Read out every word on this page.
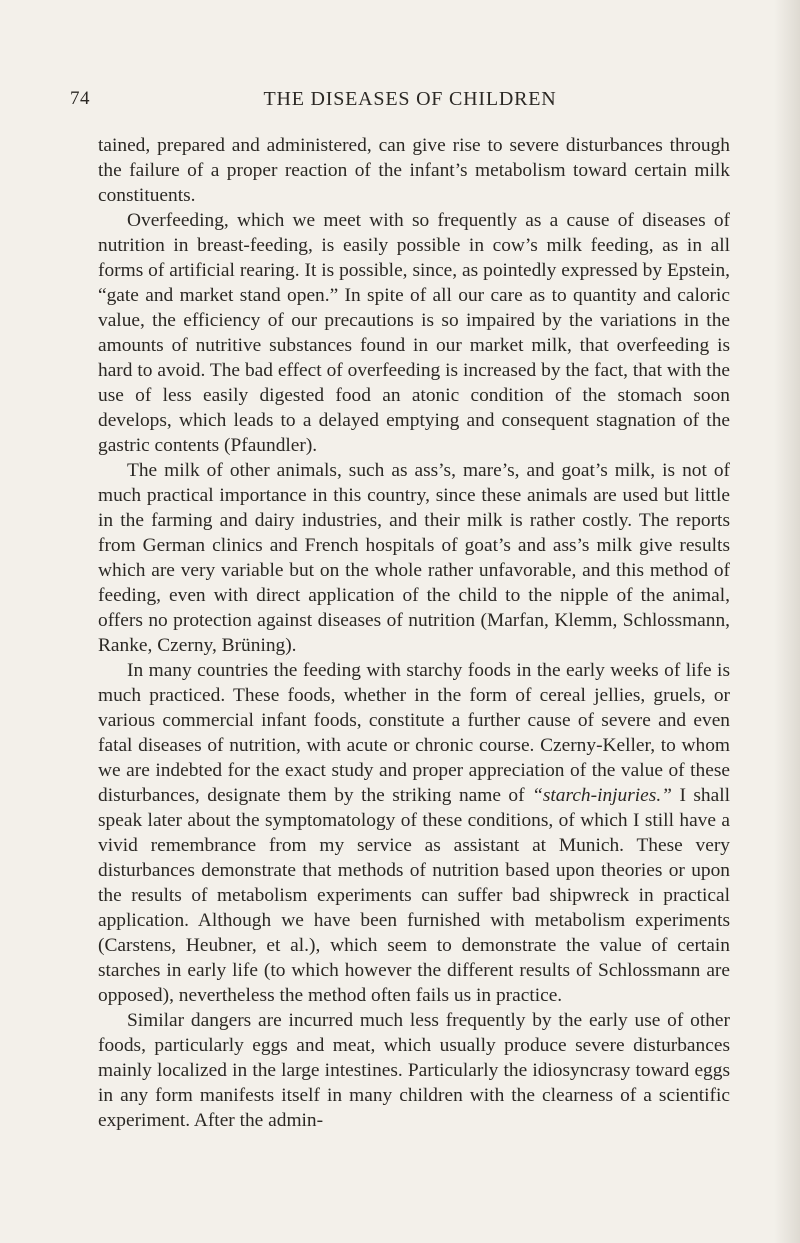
74	THE DISEASES OF CHILDREN

tained, prepared and administered, can give rise to severe disturbances through the failure of a proper reaction of the infant’s metabolism toward certain milk constituents.

Overfeeding, which we meet with so frequently as a cause of diseases of nutrition in breast-feeding, is easily possible in cow’s milk feeding, as in all forms of artificial rearing. It is possible, since, as pointedly expressed by Epstein, “gate and market stand open.” In spite of all our care as to quantity and caloric value, the efficiency of our precautions is so impaired by the variations in the amounts of nutritive substances found in our market milk, that overfeeding is hard to avoid. The bad effect of overfeeding is increased by the fact, that with the use of less easily digested food an atonic condition of the stomach soon develops, which leads to a delayed emptying and consequent stagnation of the gastric contents (Pfaundler).

The milk of other animals, such as ass’s, mare’s, and goat’s milk, is not of much practical importance in this country, since these animals are used but little in the farming and dairy industries, and their milk is rather costly. The reports from German clinics and French hospitals of goat’s and ass’s milk give results which are very variable but on the whole rather unfavorable, and this method of feeding, even with direct application of the child to the nipple of the animal, offers no protection against diseases of nutrition (Marfan, Klemm, Schlossmann, Ranke, Czerny, Brüning).

In many countries the feeding with starchy foods in the early weeks of life is much practiced. These foods, whether in the form of cereal jellies, gruels, or various commercial infant foods, constitute a further cause of severe and even fatal diseases of nutrition, with acute or chronic course. Czerny-Keller, to whom we are indebted for the exact study and proper appreciation of the value of these disturbances, designate them by the striking name of “starch-injuries.” I shall speak later about the symptomatology of these conditions, of which I still have a vivid remembrance from my service as assistant at Munich. These very disturbances demonstrate that methods of nutrition based upon theories or upon the results of metabolism experiments can suffer bad shipwreck in practical application. Although we have been furnished with metabolism experiments (Carstens, Heubner, et al.), which seem to demonstrate the value of certain starches in early life (to which however the different results of Schlossmann are opposed), nevertheless the method often fails us in practice.

Similar dangers are incurred much less frequently by the early use of other foods, particularly eggs and meat, which usually produce severe disturbances mainly localized in the large intestines. Particularly the idiosyncrasy toward eggs in any form manifests itself in many children with the clearness of a scientific experiment. After the admin-
